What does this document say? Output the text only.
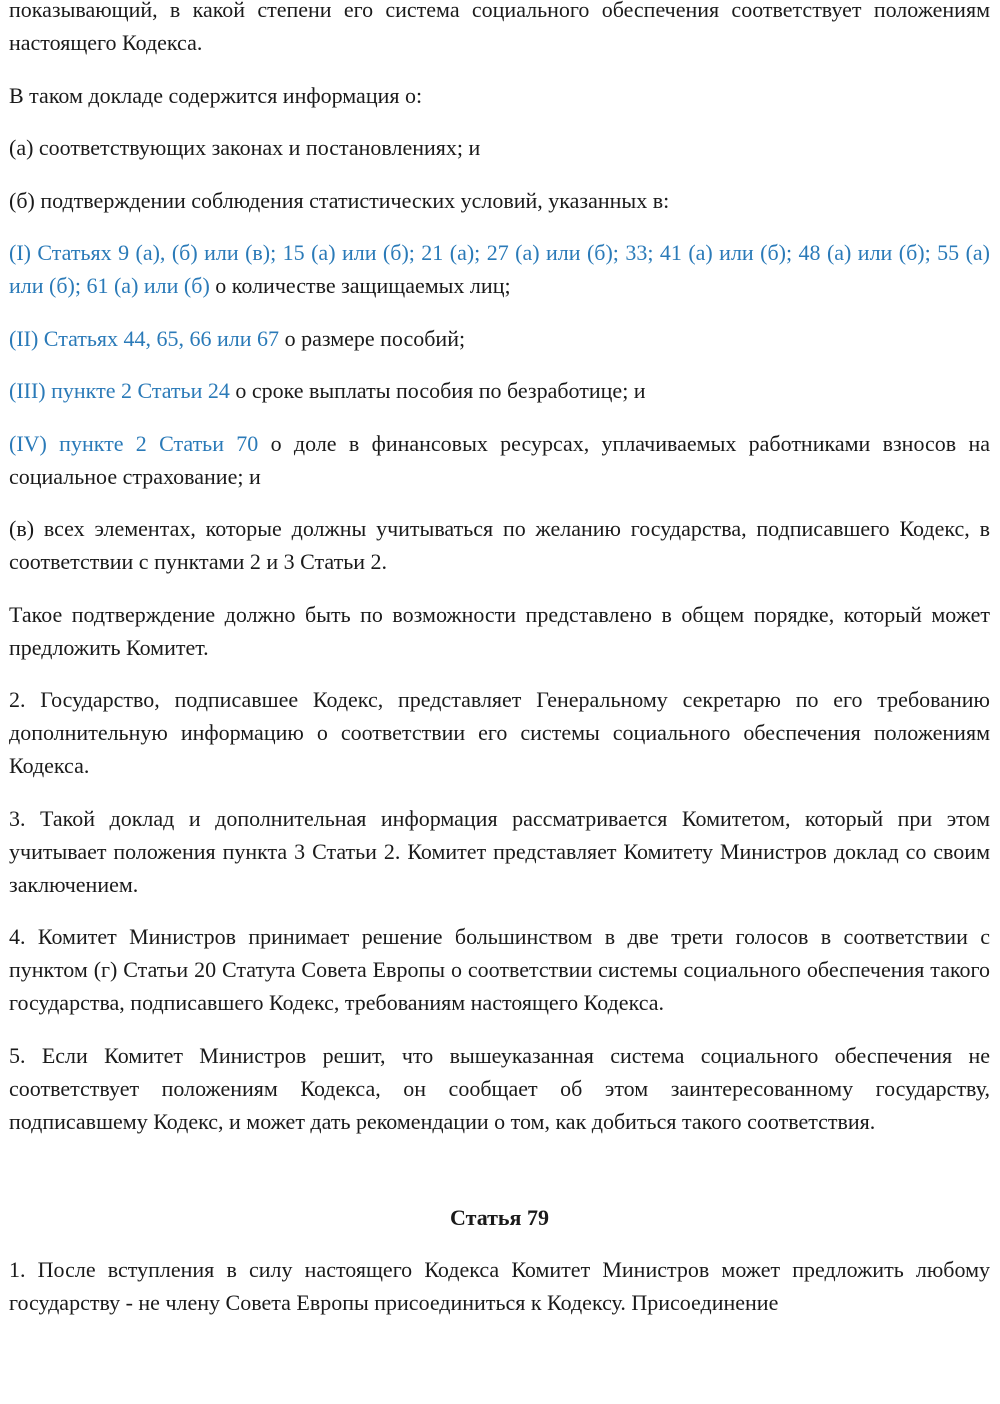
показывающий, в какой степени его система социального обеспечения соответствует положениям настоящего Кодекса.

В таком докладе содержится информация о:

(а) соответствующих законах и постановлениях; и

(б) подтверждении соблюдения статистических условий, указанных в:

(I) Статьях 9 (а), (б) или (в); 15 (а) или (б); 21 (а); 27 (а) или (б); 33; 41 (а) или (б); 48 (а) или (б); 55 (а) или (б); 61 (а) или (б) о количестве защищаемых лиц;

(II) Статьях 44, 65, 66 или 67 о размере пособий;

(III) пункте 2 Статьи 24 о сроке выплаты пособия по безработице; и

(IV) пункте 2 Статьи 70 о доле в финансовых ресурсах, уплачиваемых работниками взносов на социальное страхование; и

(в) всех элементах, которые должны учитываться по желанию государства, подписавшего Кодекс, в соответствии с пунктами 2 и 3 Статьи 2.

Такое подтверждение должно быть по возможности представлено в общем порядке, который может предложить Комитет.

2. Государство, подписавшее Кодекс, представляет Генеральному секретарю по его требованию дополнительную информацию о соответствии его системы социального обеспечения положениям Кодекса.

3. Такой доклад и дополнительная информация рассматривается Комитетом, который при этом учитывает положения пункта 3 Статьи 2. Комитет представляет Комитету Министров доклад со своим заключением.

4. Комитет Министров принимает решение большинством в две трети голосов в соответствии с пунктом (г) Статьи 20 Статута Совета Европы о соответствии системы социального обеспечения такого государства, подписавшего Кодекс, требованиям настоящего Кодекса.

5. Если Комитет Министров решит, что вышеуказанная система социального обеспечения не соответствует положениям Кодекса, он сообщает об этом заинтересованному государству, подписавшему Кодекс, и может дать рекомендации о том, как добиться такого соответствия.

Статья 79

1. После вступления в силу настоящего Кодекса Комитет Министров может предложить любому государству - не члену Совета Европы присоединиться к Кодексу. Присоединение
